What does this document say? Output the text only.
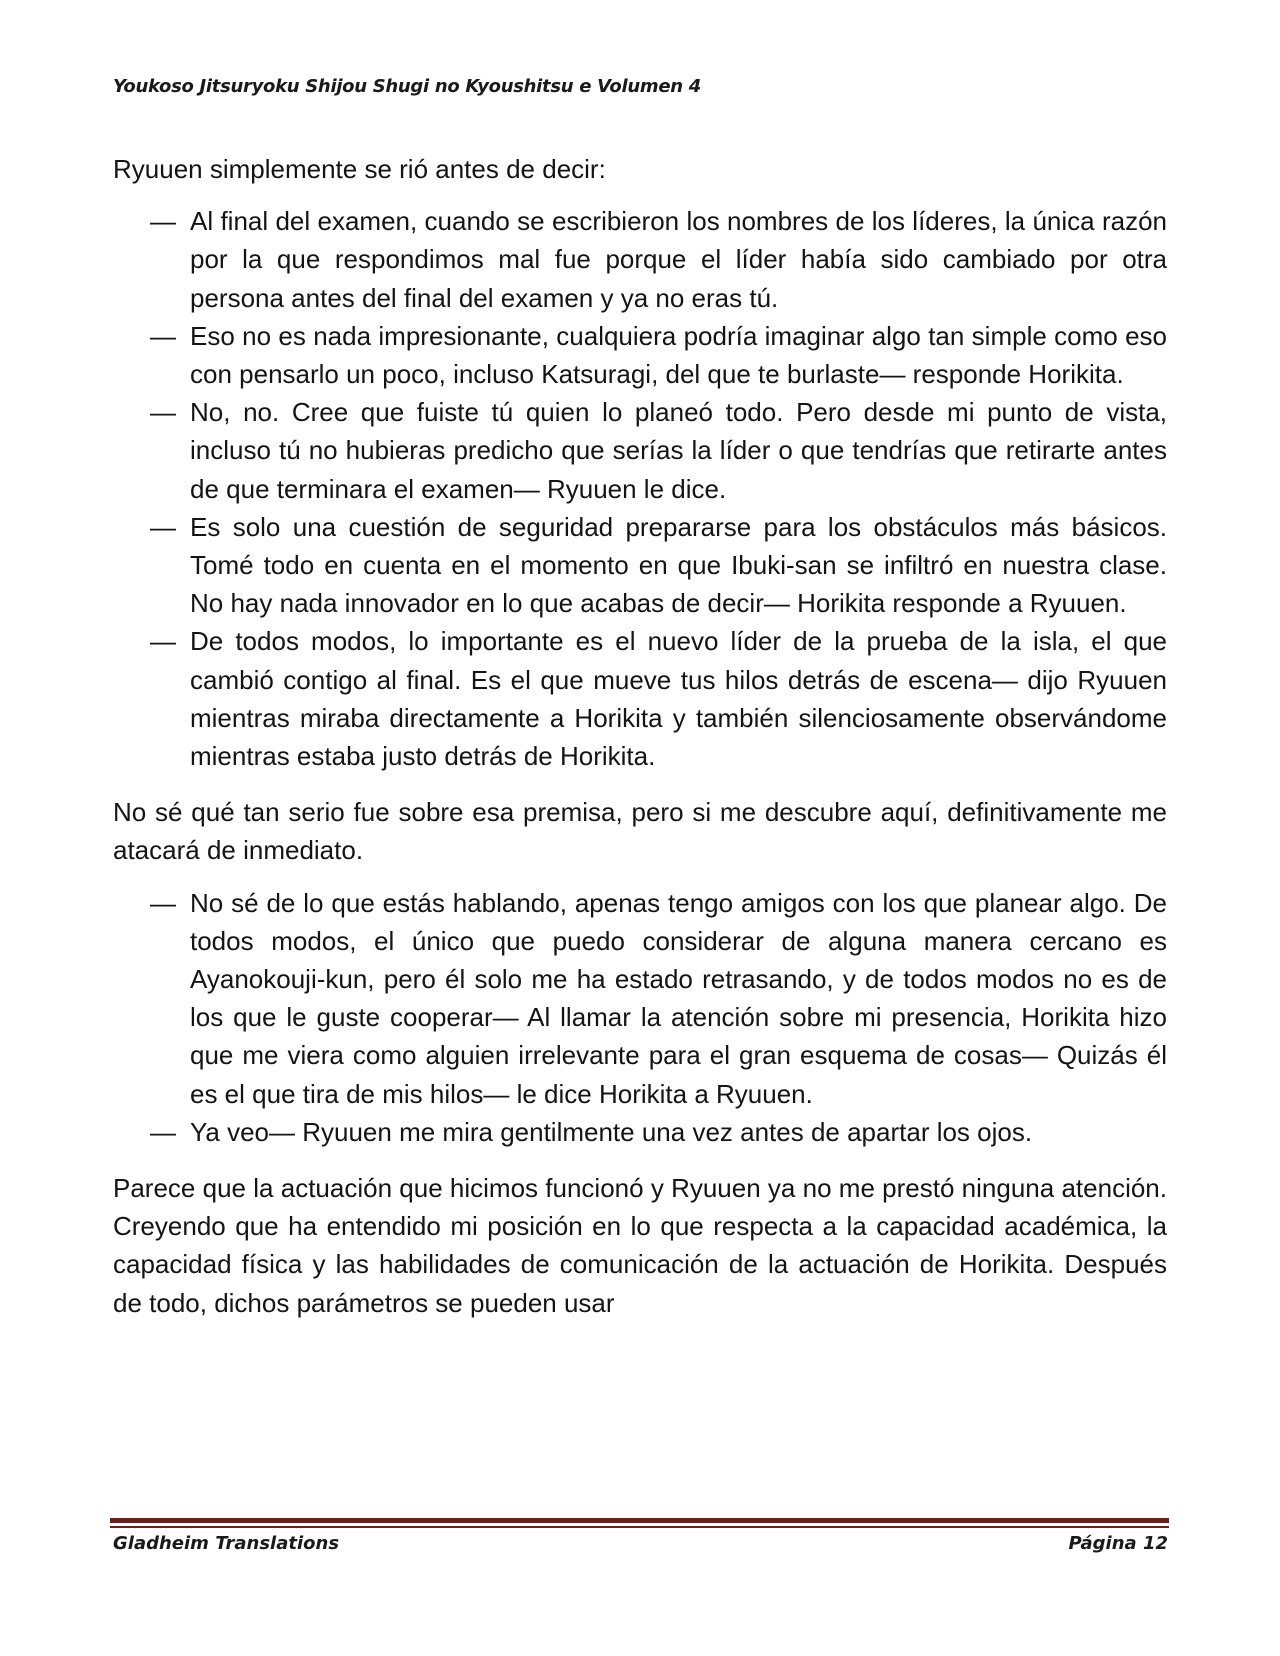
Youkoso Jitsuryoku Shijou Shugi no Kyoushitsu e Volumen 4

Ryuuen simplemente se rió antes de decir:

— Al final del examen, cuando se escribieron los nombres de los líderes, la única razón por la que respondimos mal fue porque el líder había sido cambiado por otra persona antes del final del examen y ya no eras tú.

— Eso no es nada impresionante, cualquiera podría imaginar algo tan simple como eso con pensarlo un poco, incluso Katsuragi, del que te burlaste— responde Horikita.

— No, no. Cree que fuiste tú quien lo planeó todo. Pero desde mi punto de vista, incluso tú no hubieras predicho que serías la líder o que tendrías que retirarte antes de que terminara el examen— Ryuuen le dice.

— Es solo una cuestión de seguridad prepararse para los obstáculos más básicos. Tomé todo en cuenta en el momento en que Ibuki-san se infiltró en nuestra clase. No hay nada innovador en lo que acabas de decir— Horikita responde a Ryuuen.

— De todos modos, lo importante es el nuevo líder de la prueba de la isla, el que cambió contigo al final. Es el que mueve tus hilos detrás de escena— dijo Ryuuen mientras miraba directamente a Horikita y también silenciosamente observándome mientras estaba justo detrás de Horikita.

No sé qué tan serio fue sobre esa premisa, pero si me descubre aquí, definitivamente me atacará de inmediato.

— No sé de lo que estás hablando, apenas tengo amigos con los que planear algo. De todos modos, el único que puedo considerar de alguna manera cercano es Ayanokouji-kun, pero él solo me ha estado retrasando, y de todos modos no es de los que le guste cooperar— Al llamar la atención sobre mi presencia, Horikita hizo que me viera como alguien irrelevante para el gran esquema de cosas— Quizás él es el que tira de mis hilos— le dice Horikita a Ryuuen.

— Ya veo— Ryuuen me mira gentilmente una vez antes de apartar los ojos.

Parece que la actuación que hicimos funcionó y Ryuuen ya no me prestó ninguna atención. Creyendo que ha entendido mi posición en lo que respecta a la capacidad académica, la capacidad física y las habilidades de comunicación de la actuación de Horikita. Después de todo, dichos parámetros se pueden usar

Gladheim Translations	Página 12
